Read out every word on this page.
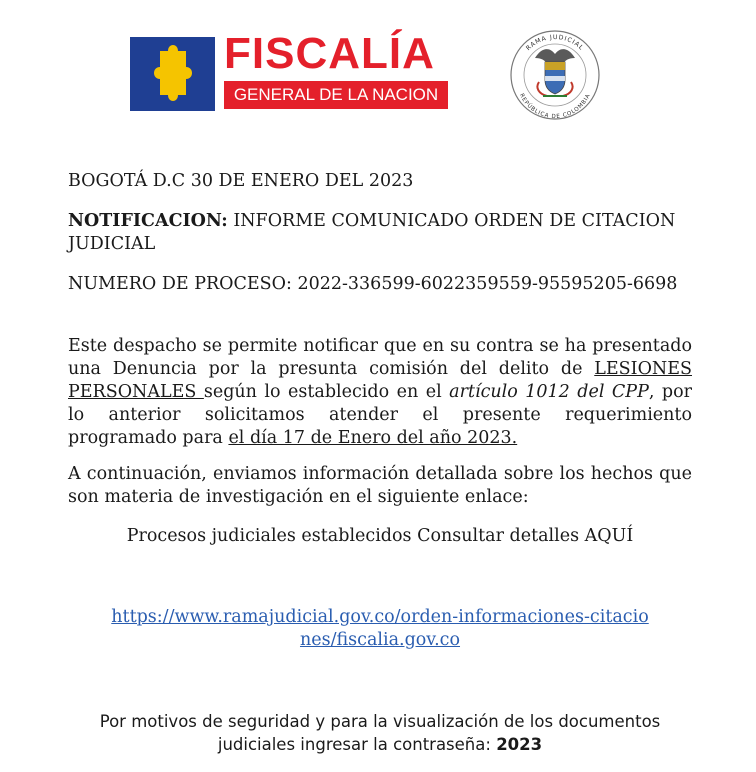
FISCALÍA
GENERAL DE LA NACION
RAMA JUDICIAL
REPÚBLICA DE COLOMBIA

BOGOTÁ D.C 30 DE ENERO DEL 2023

NOTIFICACION: INFORME COMUNICADO ORDEN DE CITACION JUDICIAL

NUMERO DE PROCESO: 2022-336599-6022359559-95595205-6698

Este despacho se permite notificar que en su contra se ha presentado una Denuncia por la presunta comisión del delito de LESIONES PERSONALES según lo establecido en el artículo 1012 del CPP, por lo anterior solicitamos atender el presente requerimiento programado para el día 17 de Enero del año 2023.

A continuación, enviamos información detallada sobre los hechos que son materia de investigación en el siguiente enlace:

Procesos judiciales establecidos Consultar detalles AQUÍ

https://www.ramajudicial.gov.co/orden-informaciones-citaciones/fiscalia.gov.co

Por motivos de seguridad y para la visualización de los documentos judiciales ingresar la contraseña: 2023
